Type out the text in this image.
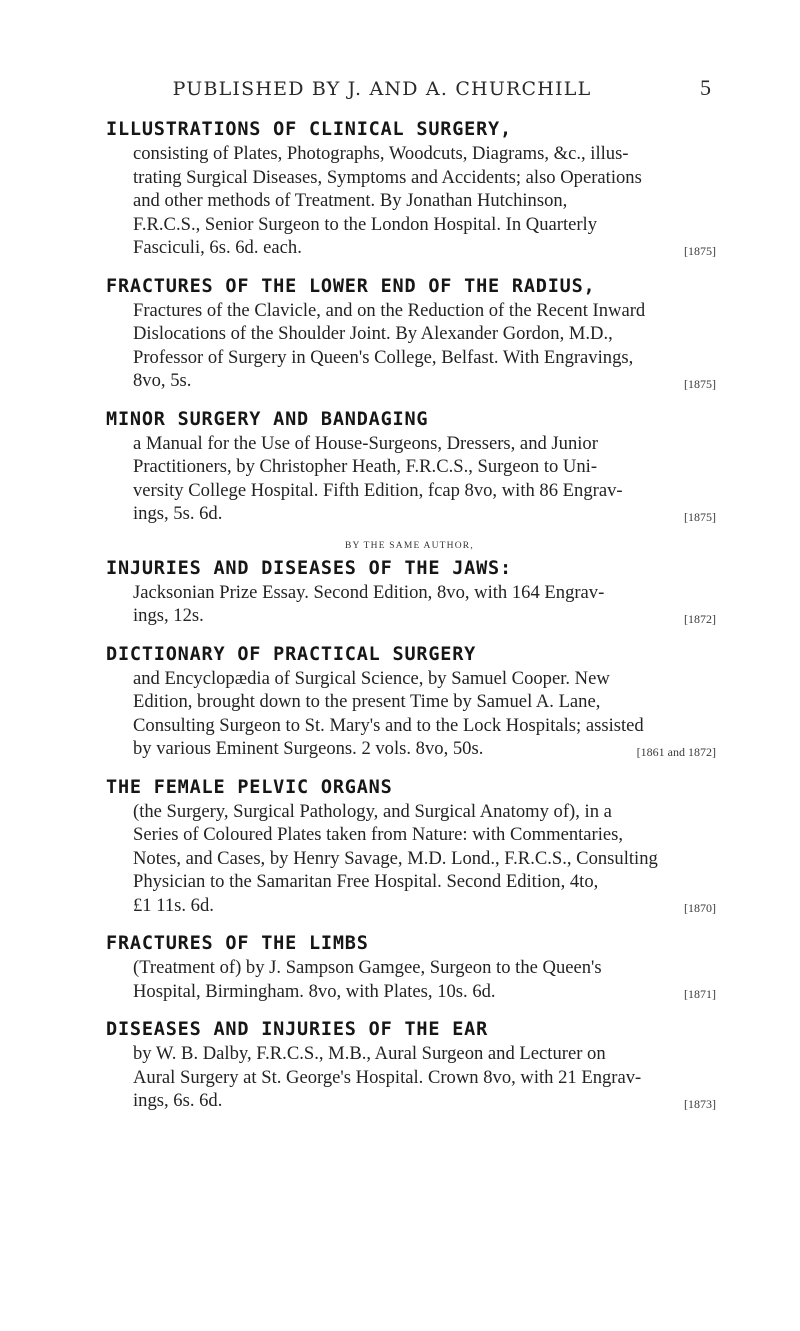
PUBLISHED BY J. AND A. CHURCHILL	5
ILLUSTRATIONS OF CLINICAL SURGERY,
consisting of Plates, Photographs, Woodcuts, Diagrams, &c., illus-
trating Surgical Diseases, Symptoms and Accidents; also Operations
and other methods of Treatment. By Jonathan Hutchinson,
F.R.C.S., Senior Surgeon to the London Hospital. In Quarterly
Fasciculi, 6s. 6d. each.	[1875]
FRACTURES OF THE LOWER END OF THE RADIUS,
Fractures of the Clavicle, and on the Reduction of the Recent Inward
Dislocations of the Shoulder Joint. By Alexander Gordon, M.D.,
Professor of Surgery in Queen's College, Belfast. With Engravings,
8vo, 5s.	[1875]
MINOR SURGERY AND BANDAGING
a Manual for the Use of House-Surgeons, Dressers, and Junior
Practitioners, by Christopher Heath, F.R.C.S., Surgeon to Uni-
versity College Hospital. Fifth Edition, fcap 8vo, with 86 Engrav-
ings, 5s. 6d.	[1875]
BY THE SAME AUTHOR,
INJURIES AND DISEASES OF THE JAWS:
Jacksonian Prize Essay. Second Edition, 8vo, with 164 Engrav-
ings, 12s.	[1872]
DICTIONARY OF PRACTICAL SURGERY
and Encyclopædia of Surgical Science, by Samuel Cooper. New
Edition, brought down to the present Time by Samuel A. Lane,
Consulting Surgeon to St. Mary's and to the Lock Hospitals; assisted
by various Eminent Surgeons. 2 vols. 8vo, 50s.	[1861 and 1872]
THE FEMALE PELVIC ORGANS
(the Surgery, Surgical Pathology, and Surgical Anatomy of), in a
Series of Coloured Plates taken from Nature: with Commentaries,
Notes, and Cases, by Henry Savage, M.D. Lond., F.R.C.S., Consulting
Physician to the Samaritan Free Hospital. Second Edition, 4to,
£1 11s. 6d.	[1870]
FRACTURES OF THE LIMBS
(Treatment of) by J. Sampson Gamgee, Surgeon to the Queen's
Hospital, Birmingham. 8vo, with Plates, 10s. 6d.	[1871]
DISEASES AND INJURIES OF THE EAR
by W. B. Dalby, F.R.C.S., M.B., Aural Surgeon and Lecturer on
Aural Surgery at St. George's Hospital. Crown 8vo, with 21 Engrav-
ings, 6s. 6d.	[1873]
